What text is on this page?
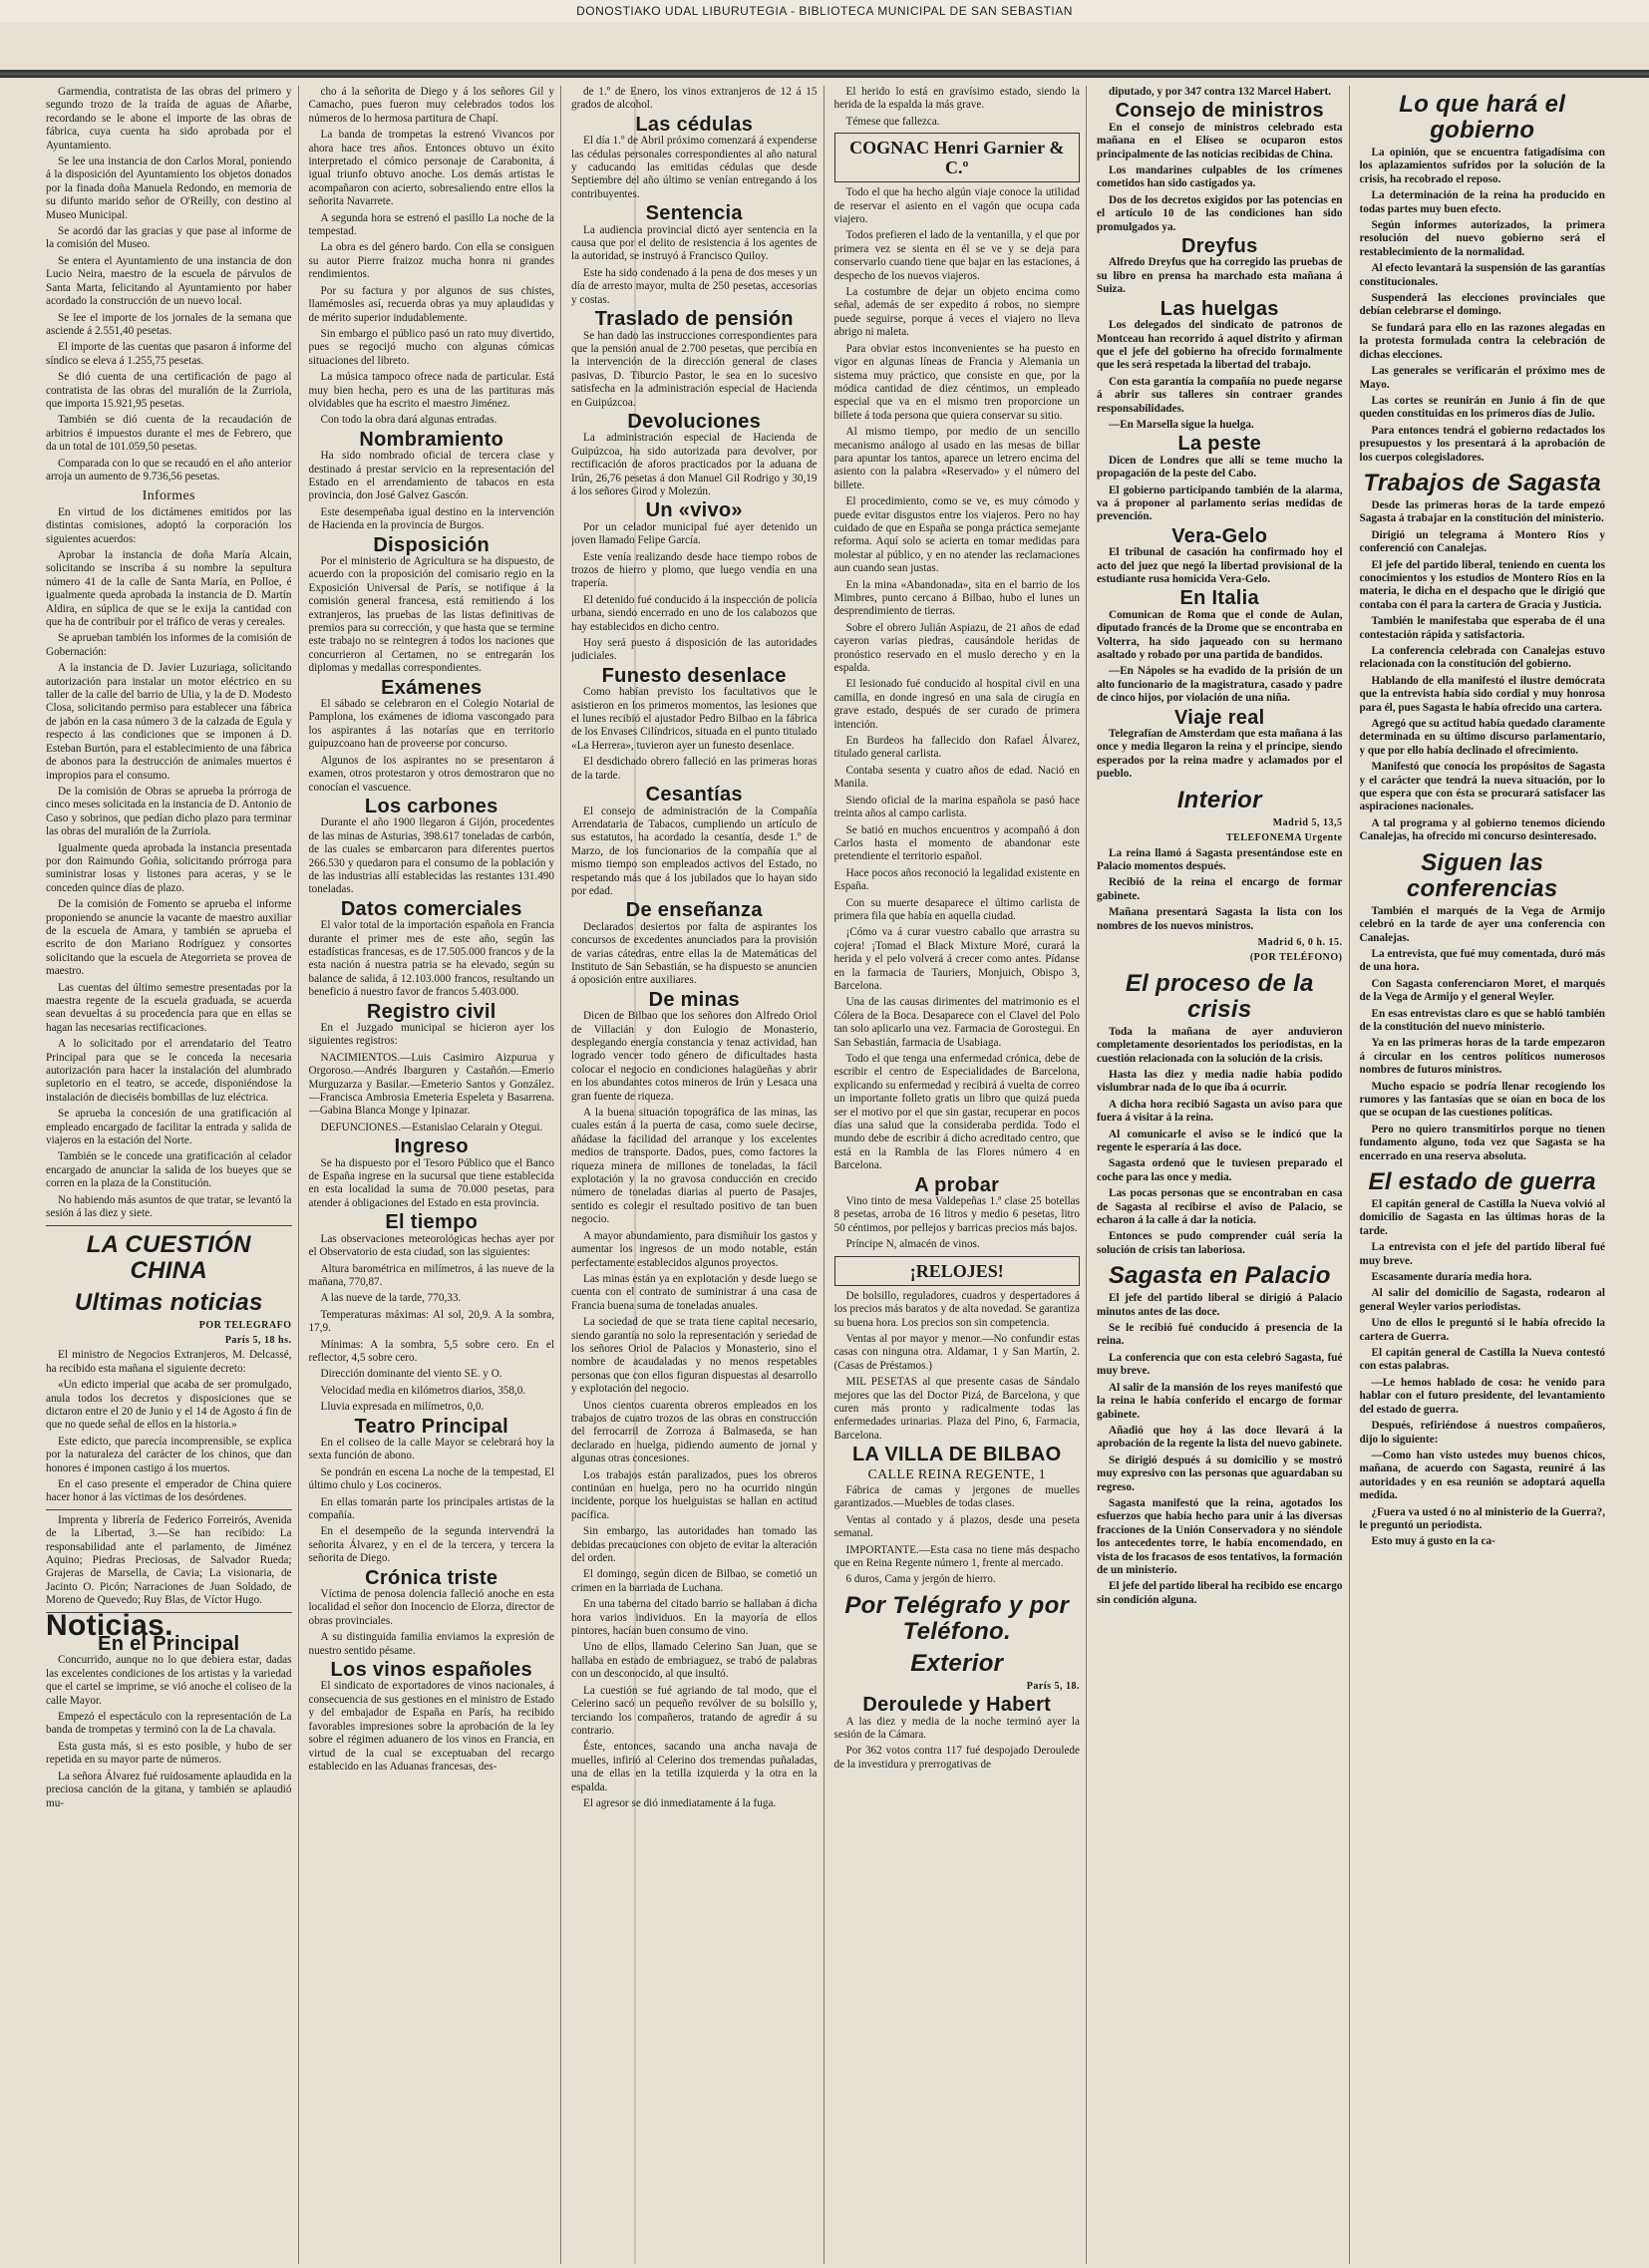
DONOSTIAKO UDAL LIBURUTEGIA - BIBLIOTECA MUNICIPAL DE SAN SEBASTIAN

Garmendia, contratista de las obras del primero y segundo trozo de la traída de aguas de Añarbe, recordando se le abone el importe de las obras de fábrica, cuya cuenta ha sido aprobada por el Ayuntamiento.

Se lee una instancia de don Carlos Moral, poniendo á la disposición del Ayuntamiento los objetos donados por la finada doña Manuela Redondo, en memoria de su difunto marido señor de O'Reilly, con destino al Museo Municipal.

Se acordó dar las gracias y que pase al informe de la comisión del Museo.

Se entera el Ayuntamiento de una instancia de don Lucio Neira, maestro de la escuela de párvulos de Santa Marta, felicitando al Ayuntamiento por haber acordado la construcción de un nuevo local.

Se lee el importe de los jornales de la semana que asciende á 2.551,40 pesetas.

El importe de las cuentas que pasaron á informe del síndico se eleva á 1.255,75 pesetas.

Se dió cuenta de una certificación de pago al contratista de las obras del muralión de la Zurriola, que importa 15.921,95 pesetas.

También se dió cuenta de la recaudación de arbitrios é impuestos durante el mes de Febrero, que da un total de 101.059,50 pesetas.

Comparada con lo que se recaudó en el año anterior arroja un aumento de 9.736,56 pesetas.

Informes

En virtud de los dictámenes emitidos por las distintas comisiones, adoptó la corporación los siguientes acuerdos:

Aprobar la instancia de doña María Alcain, solicitando se inscriba á su nombre la sepultura número 41 de la calle de Santa María, en Polloe, é igualmente queda aprobada la instancia de D. Martín Aldira, en súplica de que se le exija la cantidad con que ha de contribuir por el tráfico de veras y cereales.

Se aprueban también los informes de la comisión de Gobernación:

A la instancia de D. Javier Luzuriaga, solicitando autorización para instalar un motor eléctrico en su taller de la calle del barrio de Ulia, y la de D. Modesto Closa, solicitando permiso para establecer una fábrica de jabón en la casa número 3 de la calzada de Egula y respecto á las condiciones que se imponen á D. Esteban Burtón, para el establecimiento de una fábrica de abonos para la destrucción de animales muertos é impropios para el consumo.

De la comisión de Obras se aprueba la prórroga de cinco meses solicitada en la instancia de D. Antonio de Caso y sobrinos, que pedían dicho plazo para terminar las obras del muralión de la Zurriola.

Igualmente queda aprobada la instancia presentada por don Raimundo Goñia, solicitando prórroga para suministrar losas y listones para aceras, y se le conceden quince días de plazo.

De la comisión de Fomento se aprueba el informe proponiendo se anuncie la vacante de maestro auxiliar de la escuela de Amara, y también se aprueba el escrito de don Mariano Rodríguez y consortes solicitando que la escuela de Ategorrieta se provea de maestro.

Las cuentas del último semestre presentadas por la maestra regente de la escuela graduada, se acuerda sean devueltas á su procedencia para que en ellas se hagan las necesarias rectificaciones.

A lo solicitado por el arrendatario del Teatro Principal para que se le conceda la necesaria autorización para hacer la instalación del alumbrado supletorio en el teatro, se accede, disponiéndose la instalación de dieciséis bombillas de luz eléctrica.

Se aprueba la concesión de una gratificación al empleado encargado de facilitar la entrada y salida de viajeros en la estación del Norte.

También se le concede una gratificación al celador encargado de anunciar la salida de los bueyes que se corren en la plaza de la Constitución.

No habiendo más asuntos de que tratar, se levantó la sesión á las diez y siete.

LA CUESTIÓN CHINA
Ultimas noticias
POR TELEGRAFO
París 5, 18 hs.

El ministro de Negocios Extranjeros, M. Delcassé, ha recibido esta mañana el siguiente decreto:

«Un edicto imperial que acaba de ser promulgado, anula todos los decretos y disposiciones que se dictaron entre el 20 de Junio y el 14 de Agosto á fin de que no quede señal de ellos en la historia.»

Este edicto, que parecía incomprensible, se explica por la naturaleza del carácter de los chinos, que dan honores é imponen castigo á los muertos.

En el caso presente el emperador de China quiere hacer honor á las víctimas de los desórdenes.

Imprenta y librería de Federico Forreirós, Avenida de la Libertad, 3.—Se han recibido: La responsabilidad ante el parlamento, de Jiménez Aquino; Piedras Preciosas, de Salvador Rueda; Grajeras de Marsella, de Cavia; La visionaria, de Jacinto O. Picón; Narraciones de Juan Soldado, de Moreno de Quevedo; Ruy Blas, de Víctor Hugo.

Noticias.
En el Principal

Concurrido, aunque no lo que debiera estar, dadas las excelentes condiciones de los artistas y la variedad que el cartel se imprime, se vió anoche el coliseo de la calle Mayor.

Empezó el espectáculo con la representación de La banda de trompetas y terminó con la de La chavala.

Esta gusta más, si es esto posible, y hubo de ser repetida en su mayor parte de números.

La señora Álvarez fué ruidosamente aplaudida en la preciosa canción de la gitana, y también se aplaudió mu-

cho á la señorita de Diego y á los señores Gil y Camacho, pues fueron muy celebrados todos los números de lo hermosa partitura de Chapí.

La banda de trompetas la estrenó Vivancos por ahora hace tres años. Entonces obtuvo un éxito interpretado el cómico personaje de Carabonita, á igual triunfo obtuvo anoche. Los demás artistas le acompañaron con acierto, sobresaliendo entre ellos la señorita Navarrete.

A segunda hora se estrenó el pasillo La noche de la tempestad.

La obra es del género bardo. Con ella se consiguen su autor Pierre fraizoz mucha honra ni grandes rendimientos.

Por su factura y por algunos de sus chistes, llamémosles así, recuerda obras ya muy aplaudidas y de mérito superior indudablemente.

Sin embargo el público pasó un rato muy divertido, pues se regocijó mucho con algunas cómicas situaciones del libreto.

La música tampoco ofrece nada de particular. Está muy bien hecha, pero es una de las partituras más olvidables que ha escrito el maestro Jiménez.

Con todo la obra dará algunas entradas.

Nombramiento

Ha sido nombrado oficial de tercera clase y destinado á prestar servicio en la representación del Estado en el arrendamiento de tabacos en esta provincia, don José Galvez Gascón.

Este desempeñaba igual destino en la intervención de Hacienda en la provincia de Burgos.

Disposición

Por el ministerio de Agricultura se ha dispuesto, de acuerdo con la proposición del comisario regio en la Exposición Universal de París, se notifique á la comisión general francesa, está remitiendo á los extranjeros, las pruebas de las listas definitivas de premios para su corrección, y que hasta que se termine este trabajo no se reintegren á todos los naciones que concurrieron al Certamen, no se entregarán los diplomas y medallas correspondientes.

Exámenes

El sábado se celebraron en el Colegio Notarial de Pamplona, los exámenes de idioma vascongado para los aspirantes á las notarías que en territorio guipuzcoano han de proveerse por concurso.

Algunos de los aspirantes no se presentaron á examen, otros protestaron y otros demostraron que no conocían el vascuence.

Los carbones

Durante el año 1900 llegaron á Gijón, procedentes de las minas de Asturias, 398.617 toneladas de carbón, de las cuales se embarcaron para diferentes puertos 266.530 y quedaron para el consumo de la población y de las industrias allí establecidas las restantes 131.490 toneladas.

Datos comerciales

El valor total de la importación española en Francia durante el primer mes de este año, según las estadísticas francesas, es de 17.505.000 francos y de la esta nación á nuestra patria se ha elevado, según su balance de salida, á 12.103.000 francos, resultando un beneficio á nuestro favor de francos 5.403.000.

Registro civil

En el Juzgado municipal se hicieron ayer los siguientes registros:

NACIMIENTOS.—Luis Casimiro Aizpurua y Orgoroso.—Andrés Ibarguren y Castañón.—Emerio Murguzarza y Basilar.—Emeterio Santos y González.—Francisca Ambrosia Emeteria Espeleta y Basarrena.—Gabina Blanca Monge y Ipinazar.

DEFUNCIONES.—Estanislao Celarain y Otegui.

Ingreso

Se ha dispuesto por el Tesoro Público que el Banco de España ingrese en la sucursal que tiene establecida en esta localidad la suma de 70.000 pesetas, para atender á obligaciones del Estado en esta provincia.

El tiempo

Las observaciones meteorológicas hechas ayer por el Observatorio de esta ciudad, son las siguientes:

Altura barométrica en milímetros, á las nueve de la mañana, 770,87.

A las nueve de la tarde, 770,33.

Temperaturas máximas: Al sol, 20,9. A la sombra, 17,9.

Mínimas: A la sombra, 5,5 sobre cero. En el reflector, 4,5 sobre cero.

Dirección dominante del viento SE. y O.

Velocidad media en kilómetros diarios, 358,0.

Lluvia expresada en milímetros, 0,0.

Teatro Principal

En el coliseo de la calle Mayor se celebrará hoy la sexta función de abono.

Se pondrán en escena La noche de la tempestad, El último chulo y Los cocineros.

En ellas tomarán parte los principales artistas de la compañía.

En el desempeño de la segunda intervendrá la señorita Álvarez, y en el de la tercera, y tercera la señorita de Diego.

Crónica triste

Víctima de penosa dolencia falleció anoche en esta localidad el señor don Inocencio de Elorza, director de obras provinciales.

A su distinguida familia enviamos la expresión de nuestro sentido pésame.

Los vinos españoles

El sindicato de exportadores de vinos nacionales, á consecuencia de sus gestiones en el ministro de Estado y del embajador de España en París, ha recibido favorables impresiones sobre la aprobación de la ley sobre el régimen aduanero de los vinos en Francia, en virtud de la cual se exceptuaban del recargo establecido en las Aduanas francesas, des-

de 1.º de Enero, los vinos extranjeros de 12 á 15 grados de alcohol.

Las cédulas

El día 1.º de Abril próximo comenzará á expenderse las cédulas personales correspondientes al año natural y caducando las emitidas cédulas que desde Septiembre del año último se venían entregando á los contribuyentes.

Sentencia

La audiencia provincial dictó ayer sentencia en la causa que por el delito de resistencia á los agentes de la autoridad, se instruyó á Francisco Quiloy.

Este ha sido condenado á la pena de dos meses y un día de arresto mayor, multa de 250 pesetas, accesorias y costas.

Traslado de pensión

Se han dado las instrucciones correspondientes para que la pensión anual de 2.700 pesetas, que percibía en la intervención de la dirección general de clases pasivas, D. Tiburcio Pastor, le sea en lo sucesivo satisfecha en la administración especial de Hacienda en Guipúzcoa.

Devoluciones

La administración especial de Hacienda de Guipúzcoa, ha sido autorizada para devolver, por rectificación de aforos practicados por la aduana de Irún, 26,76 pesetas á don Manuel Gil Rodrigo y 30,19 á los señores Girod y Molezún.

Un «vivo»

Por un celador municipal fué ayer detenido un joven llamado Felipe García.

Este venía realizando desde hace tiempo robos de trozos de hierro y plomo, que luego vendía en una trapería.

El detenido fué conducido á la inspección de policía urbana, siendo encerrado en uno de los calabozos que hay establecidos en dicho centro.

Hoy será puesto á disposición de las autoridades judiciales.

Funesto desenlace

Como habían previsto los facultativos que le asistieron en los primeros momentos, las lesiones que el lunes recibió el ajustador Pedro Bilbao en la fábrica de los Envases Cilíndricos, situada en el punto titulado «La Herrera», tuvieron ayer un funesto desenlace.

El desdichado obrero falleció en las primeras horas de la tarde.

Cesantías

El consejo de administración de la Compañía Arrendataria de Tabacos, cumpliendo un artículo de sus estatutos, ha acordado la cesantía, desde 1.º de Marzo, de los funcionarios de la compañía que al mismo tiempo son empleados activos del Estado, no respetando más que á los jubilados que lo hayan sido por edad.

De enseñanza

Declarados desiertos por falta de aspirantes los concursos de excedentes anunciados para la provisión de varias cátedras, entre ellas la de Matemáticas del Instituto de San Sebastián, se ha dispuesto se anuncien á oposición entre auxiliares.

De minas

Dicen de Bilbao que los señores don Alfredo Oriol de Villacián y don Eulogio de Monasterio, desplegando energía constancia y tenaz actividad, han logrado vencer todo género de dificultades hasta colocar el negocio en condiciones halagüeñas y abrir en los abundantes cotos mineros de Irún y Lesaca una gran fuente de riqueza.

A la buena situación topográfica de las minas, las cuales están á la puerta de casa, como suele decirse, añádase la facilidad del arranque y los excelentes medios de transporte. Dados, pues, como factores la riqueza minera de millones de toneladas, la fácil explotación y la no gravosa conducción en crecido número de toneladas diarias al puerto de Pasajes, sentido es colegir el resultado positivo de tan buen negocio.

A mayor abundamiento, para dismiñuir los gastos y aumentar los ingresos de un modo notable, están perfectamente establecidos algunos proyectos.

Las minas están ya en explotación y desde luego se cuenta con el contrato de suministrar á una casa de Francia buena suma de toneladas anuales.

La sociedad de que se trata tiene capital necesario, siendo garantía no solo la representación y seriedad de los señores Oriol de Palacios y Monasterio, sino el nombre de acaudaladas y no menos respetables personas que con ellos figuran dispuestas al desarrollo y explotación del negocio.

Unos cientos cuarenta obreros empleados en los trabajos de cuatro trozos de las obras en construcción del ferrocarril de Zorroza á Balmaseda, se han declarado en huelga, pidiendo aumento de jornal y algunas otras concesiones.

Los trabajos están paralizados, pues los obreros continúan en huelga, pero no ha ocurrido ningún incidente, porque los huelguistas se hallan en actitud pacífica.

Sin embargo, las autoridades han tomado las debidas precauciones con objeto de evitar la alteración del orden.

El domingo, según dicen de Bilbao, se cometió un crimen en la barriada de Luchana.

En una taberna del citado barrio se hallaban á dicha hora varios individuos. En la mayoría de ellos pintores, hacían buen consumo de vino.

Uno de ellos, llamado Celerino San Juan, que se hallaba en estado de embriaguez, se trabó de palabras con un desconocido, al que insultó.

La cuestión se fué agriando de tal modo, que el Celerino sacó un pequeño revólver de su bolsillo y, terciando los compañeros, tratando de agredir á su contrario.

Éste, entonces, sacando una ancha navaja de muelles, infirió al Celerino dos tremendas puñaladas, una de ellas en la tetilla izquierda y la otra en la espalda.

El agresor se dió inmediatamente á la fuga.

El herido lo está en gravísimo estado, siendo la herida de la espalda la más grave.

Témese que fallezca.

COGNAC Henri Garnier & C.º

Todo el que ha hecho algún viaje conoce la utilidad de reservar el asiento en el vagón que ocupa cada viajero.

Todos prefieren el lado de la ventanilla, y el que por primera vez se sienta en él se ve y se deja para conservarlo cuando tiene que bajar en las estaciones, á despecho de los nuevos viajeros.

La costumbre de dejar un objeto encima como señal, además de ser expedito á robos, no siempre puede seguirse, porque á veces el viajero no lleva abrigo ni maleta.

Para obviar estos inconvenientes se ha puesto en vigor en algunas líneas de Francia y Alemania un sistema muy práctico, que consiste en que, por la módica cantidad de diez céntimos, un empleado especial que va en el mismo tren proporcione un billete á toda persona que quiera conservar su sitio.

Al mismo tiempo, por medio de un sencillo mecanismo análogo al usado en las mesas de billar para apuntar los tantos, aparece un letrero encima del asiento con la palabra «Reservado» y el número del billete.

El procedimiento, como se ve, es muy cómodo y puede evitar disgustos entre los viajeros. Pero no hay cuidado de que en España se ponga práctica semejante reforma. Aquí solo se acierta en tomar medidas para molestar al público, y en no atender las reclamaciones aun cuando sean justas.

En la mina «Abandonada», sita en el barrio de los Mimbres, punto cercano á Bilbao, hubo el lunes un desprendimiento de tierras.

Sobre el obrero Julián Aspiazu, de 21 años de edad cayeron varias piedras, causándole heridas de pronóstico reservado en el muslo derecho y en la espalda.

El lesionado fué conducido al hospital civil en una camilla, en donde ingresó en una sala de cirugía en grave estado, después de ser curado de primera intención.

En Burdeos ha fallecido don Rafael Álvarez, titulado general carlista.

Contaba sesenta y cuatro años de edad. Nació en Manila.

Siendo oficial de la marina española se pasó hace treinta años al campo carlista.

Se batió en muchos encuentros y acompañó á don Carlos hasta el momento de abandonar este pretendiente el territorio español.

Hace pocos años reconoció la legalidad existente en España.

Con su muerte desaparece el último carlista de primera fila que había en aquella ciudad.

¡Cómo va á curar vuestro caballo que arrastra su cojera! ¡Tomad el Black Mixture Moré, curará la herida y el pelo volverá á crecer como antes. Pídanse en la farmacia de Tauriers, Monjuich, Obispo 3, Barcelona.

Una de las causas dirimentes del matrimonio es el Cólera de la Boca. Desaparece con el Clavel del Polo tan solo aplicarlo una vez. Farmacia de Gorostegui. En San Sebastián, farmacia de Usabiaga.

Todo el que tenga una enfermedad crónica, debe de escribir el centro de Especialidades de Barcelona, explicando su enfermedad y recibirá á vuelta de correo un importante folleto gratis un libro que quizá pueda ser el motivo por el que sin gastar, recuperar en pocos días una salud que la consideraba perdida. Todo el mundo debe de escribir á dicho acreditado centro, que está en la Rambla de las Flores número 4 en Barcelona.

A probar

Vino tinto de mesa Valdepeñas 1.ª clase 25 botellas 8 pesetas, arroba de 16 litros y medio 6 pesetas, litro 50 céntimos, por pellejos y barricas precios más bajos.

Príncipe N, almacén de vinos.

¡RELOJES!

De bolsillo, reguladores, cuadros y despertadores á los precios más baratos y de alta novedad. Se garantiza su buena hora. Los precios son sin competencia.

Ventas al por mayor y menor.—No confundir estas casas con ninguna otra. Aldamar, 1 y San Martín, 2. (Casas de Préstamos.)

MIL PESETAS al que presente casas de Sándalo mejores que las del Doctor Pizá, de Barcelona, y que curen más pronto y radicalmente todas las enfermedades urinarias. Plaza del Pino, 6, Farmacia, Barcelona.

LA VILLA DE BILBAO
CALLE REINA REGENTE, 1

Fábrica de camas y jergones de muelles garantizados.—Muebles de todas clases.

Ventas al contado y á plazos, desde una peseta semanal.

IMPORTANTE.—Esta casa no tiene más despacho que en Reina Regente número 1, frente al mercado.

6 duros, Cama y jergón de hierro.

Por Telégrafo y por Teléfono.
Exterior
París 5, 18.
Deroulede y Habert

A las diez y media de la noche terminó ayer la sesión de la Cámara.

Por 362 votos contra 117 fué despojado Deroulede de la investidura y prerrogativas de

diputado, y por 347 contra 132 Marcel Habert.

Consejo de ministros

En el consejo de ministros celebrado esta mañana en el Elíseo se ocuparon estos principalmente de las noticias recibidas de China.

Los mandarines culpables de los crímenes cometidos han sido castigados ya.

Dos de los decretos exigidos por las potencias en el artículo 10 de las condiciones han sido promulgados ya.

Dreyfus

Alfredo Dreyfus que ha corregido las pruebas de su libro en prensa ha marchado esta mañana á Suiza.

Las huelgas

Los delegados del sindicato de patronos de Montceau han recorrido á aquel distrito y afirman que el jefe del gobierno ha ofrecido formalmente que les será respetada la libertad del trabajo.

Con esta garantía la compañía no puede negarse á abrir sus talleres sin contraer grandes responsabilidades.

—En Marsella sigue la huelga.

La peste

Dicen de Londres que allí se teme mucho la propagación de la peste del Cabo.

El gobierno participando también de la alarma, va á proponer al parlamento serias medidas de prevención.

Vera-Gelo

El tribunal de casación ha confirmado hoy el acto del juez que negó la libertad provisional de la estudiante rusa homicida Vera-Gelo.

En Italia

Comunican de Roma que el conde de Aulan, diputado francés de la Drome que se encontraba en Volterra, ha sido jaqueado con su hermano asaltado y robado por una partida de bandidos.

—En Nápoles se ha evadido de la prisión de un alto funcionario de la magistratura, casado y padre de cinco hijos, por violación de una niña.

Viaje real

Telegrafían de Amsterdam que esta mañana á las once y media llegaron la reina y el príncipe, siendo esperados por la reina madre y aclamados por el pueblo.

Interior
Madrid 5, 13,5
TELEFONEMA Urgente

La reina llamó á Sagasta presentándose este en Palacio momentos después.

Recibió de la reina el encargo de formar gabinete.

Mañana presentará Sagasta la lista con los nombres de los nuevos ministros.

Madrid 6, 0 h. 15.
(POR TELÉFONO)
El proceso de la crisis

Toda la mañana de ayer anduvieron completamente desorientados los periodistas, en la cuestión relacionada con la solución de la crisis.

Hasta las diez y media nadie había podido vislumbrar nada de lo que iba á ocurrir.

A dicha hora recibió Sagasta un aviso para que fuera á visitar á la reina.

Al comunicarle el aviso se le indicó que la regente le esperaría á las doce.

Sagasta ordenó que le tuviesen preparado el coche para las once y media.

Las pocas personas que se encontraban en casa de Sagasta al recibirse el aviso de Palacio, se echaron á la calle á dar la noticia.

Entonces se pudo comprender cuál sería la solución de crisis tan laboriosa.

Sagasta en Palacio

El jefe del partido liberal se dirigió á Palacio minutos antes de las doce.

Se le recibió fué conducido á presencia de la reina.

La conferencia que con esta celebró Sagasta, fué muy breve.

Al salir de la mansión de los reyes manifestó que la reina le había conferido el encargo de formar gabinete.

Añadió que hoy á las doce llevará á la aprobación de la regente la lista del nuevo gabinete.

Se dirigió después á su domicilio y se mostró muy expresivo con las personas que aguardaban su regreso.

Sagasta manifestó que la reina, agotados los esfuerzos que había hecho para unir á las diversas fracciones de la Unión Conservadora y no siéndole los antecedentes torre, le había encomendado, en vista de los fracasos de esos tentativos, la formación de un ministerio.

El jefe del partido liberal ha recibido ese encargo sin condición alguna.

Lo que hará el gobierno

La opinión, que se encuentra fatigadísima con los aplazamientos sufridos por la solución de la crisis, ha recobrado el reposo.

La determinación de la reina ha producido en todas partes muy buen efecto.

Según informes autorizados, la primera resolución del nuevo gobierno será el restablecimiento de la normalidad.

Al efecto levantará la suspensión de las garantías constitucionales.

Suspenderá las elecciones provinciales que debían celebrarse el domingo.

Se fundará para ello en las razones alegadas en la protesta formulada contra la celebración de dichas elecciones.

Las generales se verificarán el próximo mes de Mayo.

Las cortes se reunirán en Junio á fin de que queden constituidas en los primeros días de Julio.

Para entonces tendrá el gobierno redactados los presupuestos y los presentará á la aprobación de los cuerpos colegisladores.

Trabajos de Sagasta

Desde las primeras horas de la tarde empezó Sagasta á trabajar en la constitución del ministerio.

Dirigió un telegrama á Montero Ríos y conferenció con Canalejas.

El jefe del partido liberal, teniendo en cuenta los conocimientos y los estudios de Montero Ríos en la materia, le dicha en el despacho que le dirigió que contaba con él para la cartera de Gracia y Justicia.

También le manifestaba que esperaba de él una contestación rápida y satisfactoria.

La conferencia celebrada con Canalejas estuvo relacionada con la constitución del gobierno.

Hablando de ella manifestó el ilustre demócrata que la entrevista había sido cordial y muy honrosa para él, pues Sagasta le había ofrecido una cartera.

Agregó que su actitud había quedado claramente determinada en su último discurso parlamentario, y que por ello había declinado el ofrecimiento.

Manifestó que conocía los propósitos de Sagasta y el carácter que tendrá la nueva situación, por lo que espera que con ésta se procurará satisfacer las aspiraciones nacionales.

A tal programa y al gobierno tenemos diciendo Canalejas, ha ofrecido mi concurso desinteresado.

Siguen las conferencias

También el marqués de la Vega de Armijo celebró en la tarde de ayer una conferencia con Canalejas.

La entrevista, que fué muy comentada, duró más de una hora.

Con Sagasta conferenciaron Moret, el marqués de la Vega de Armijo y el general Weyler.

En esas entrevistas claro es que se habló también de la constitución del nuevo ministerio.

Ya en las primeras horas de la tarde empezaron á circular en los centros políticos numerosos nombres de futuros ministros.

Mucho espacio se podría llenar recogiendo los rumores y las fantasías que se oían en boca de los que se ocupan de las cuestiones políticas.

Pero no quiero transmitirlos porque no tienen fundamento alguno, toda vez que Sagasta se ha encerrado en una reserva absoluta.

El estado de guerra

El capitán general de Castilla la Nueva volvió al domicilio de Sagasta en las últimas horas de la tarde.

La entrevista con el jefe del partido liberal fué muy breve.

Escasamente duraría media hora.

Al salir del domicilio de Sagasta, rodearon al general Weyler varios periodistas.

Uno de ellos le preguntó si le había ofrecido la cartera de Guerra.

El capitán general de Castilla la Nueva contestó con estas palabras.

—Le hemos hablado de cosa: he venido para hablar con el futuro presidente, del levantamiento del estado de guerra.

Después, refiriéndose á nuestros compañeros, dijo lo siguiente:

—Como han visto ustedes muy buenos chicos, mañana, de acuerdo con Sagasta, reuniré á las autoridades y en esa reunión se adoptará aquella medida.

¿Fuera va usted ó no al ministerio de la Guerra?, le preguntó un periodista.

Esto muy á gusto en la ca-
